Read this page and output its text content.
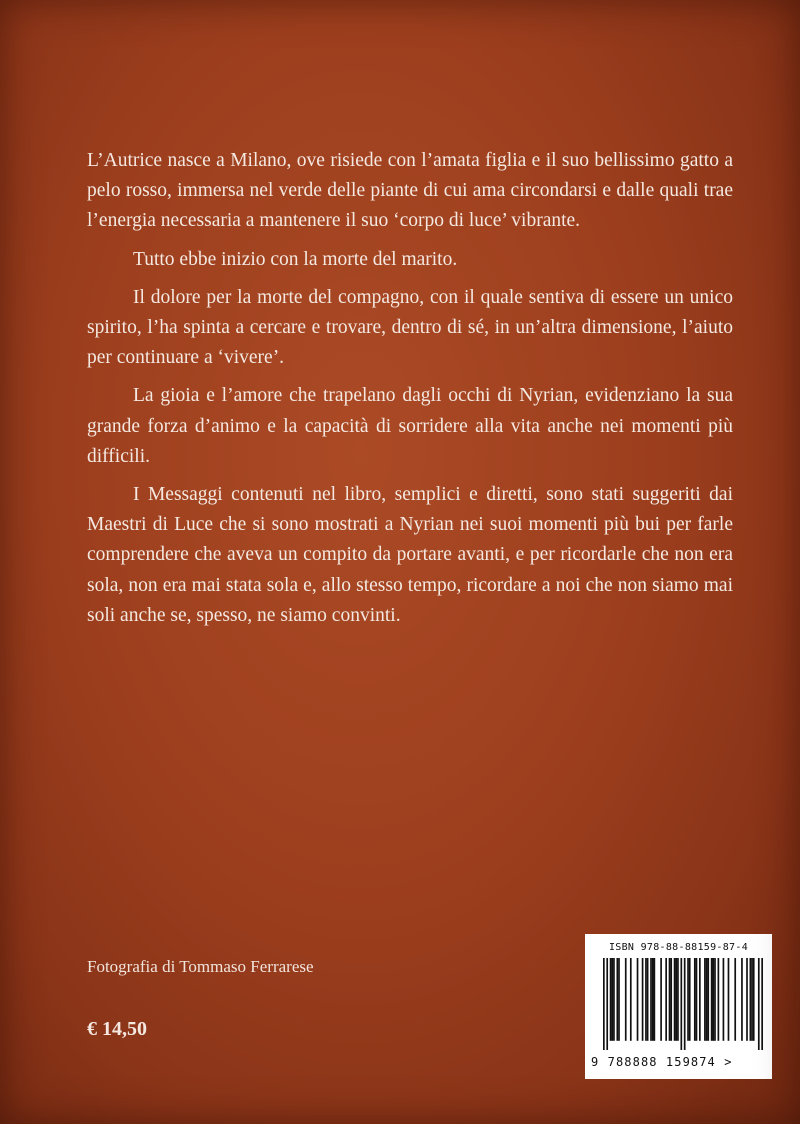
L’Autrice nasce a Milano, ove risiede con l’amata figlia e il suo bellissimo gatto a pelo rosso, immersa nel verde delle piante di cui ama circondarsi e dalle quali trae l’energia necessaria a mantenere il suo ‘corpo di luce’ vibrante.

Tutto ebbe inizio con la morte del marito.

Il dolore per la morte del compagno, con il quale sentiva di essere un unico spirito, l’ha spinta a cercare e trovare, dentro di sé, in un’altra dimensione, l’aiuto per continuare a ‘vivere’.

La gioia e l’amore che trapelano dagli occhi di Nyrian, evidenziano la sua grande forza d’animo e la capacità di sorridere alla vita anche nei momenti più difficili.

I Messaggi contenuti nel libro, semplici e diretti, sono stati suggeriti dai Maestri di Luce che si sono mostrati a Nyrian nei suoi momenti più bui per farle comprendere che aveva un compito da portare avanti, e per ricordarle che non era sola, non era mai stata sola e, allo stesso tempo, ricordare a noi che non siamo mai soli anche se, spesso, ne siamo convinti.

Fotografia di Tommaso Ferrarese
€ 14,50
ISBN 978-88-88159-87-4
9 788888 159874 >
